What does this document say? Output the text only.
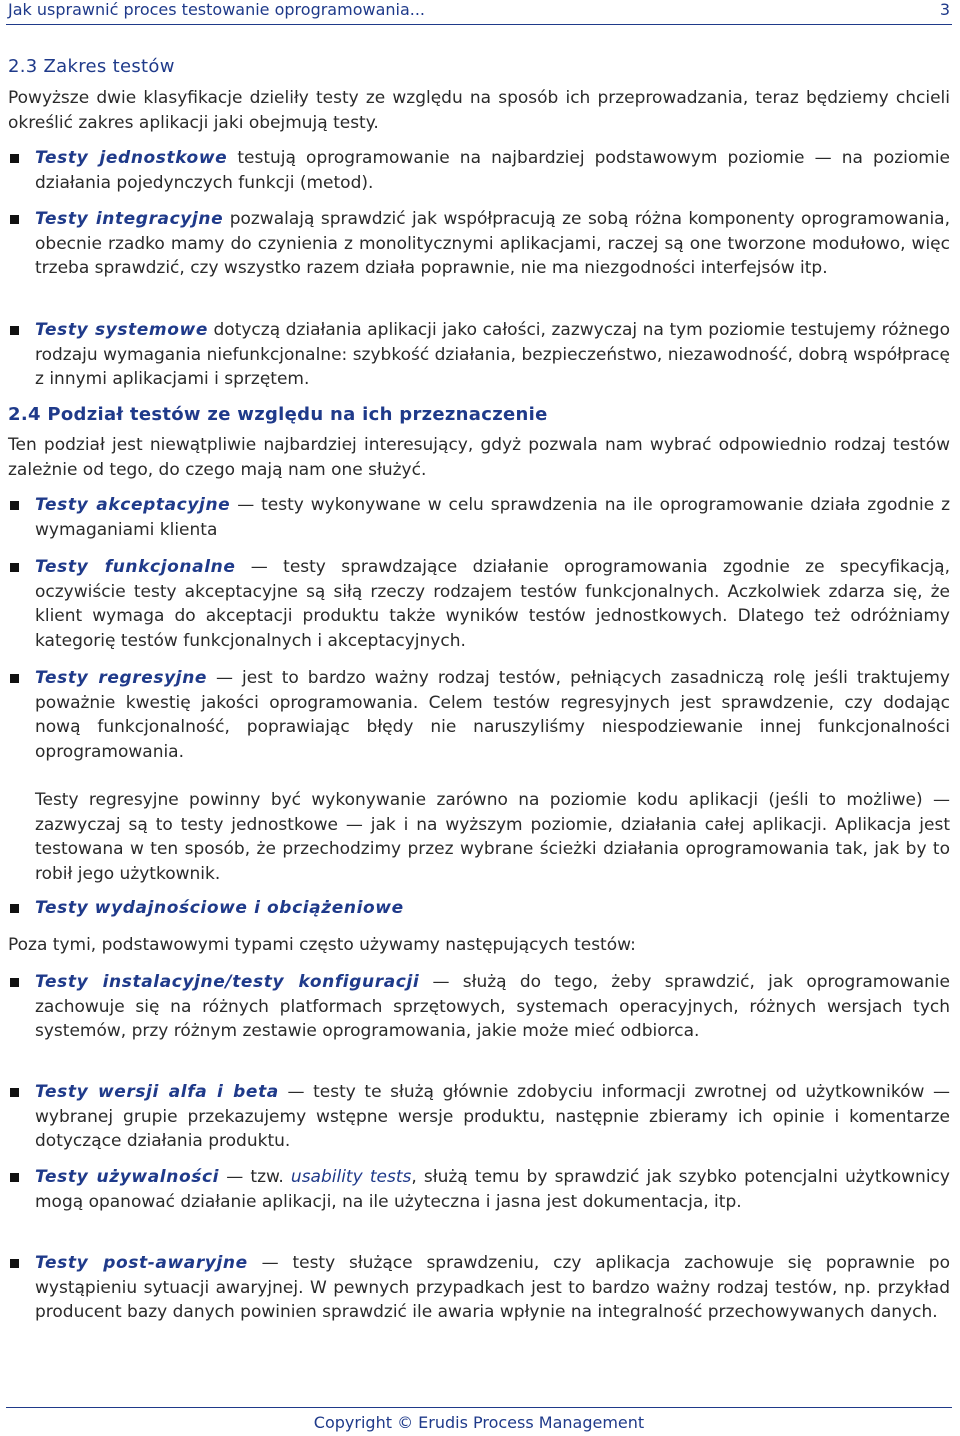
Jak usprawnić proces testowanie oprogramowania...	3
2.3 Zakres testów
Powyższe dwie klasyfikacje dzieliły testy ze względu na sposób ich przeprowadzania, teraz będziemy chcieli określić zakres aplikacji jaki obejmują testy.
Testy jednostkowe testują oprogramowanie na najbardziej podstawowym poziomie — na poziomie działania pojedynczych funkcji (metod).
Testy integracyjne pozwalają sprawdzić jak współpracują ze sobą różna komponenty oprogramowania, obecnie rzadko mamy do czynienia z monolitycznymi aplikacjami, raczej są one tworzone modułowo, więc trzeba sprawdzić, czy wszystko razem działa poprawnie, nie ma niezgodności interfejsów itp.
Testy systemowe dotyczą działania aplikacji jako całości, zazwyczaj na tym poziomie testujemy różnego rodzaju wymagania niefunkcjonalne: szybkość działania, bezpieczeństwo, niezawodność, dobrą współpracę z innymi aplikacjami i sprzętem.
2.4 Podział testów ze względu na ich przeznaczenie
Ten podział jest niewątpliwie najbardziej interesujący, gdyż pozwala nam wybrać odpowiednio rodzaj testów zależnie od tego, do czego mają nam one służyć.
Testy akceptacyjne — testy wykonywane w celu sprawdzenia na ile oprogramowanie działa zgodnie z wymaganiami klienta
Testy funkcjonalne — testy sprawdzające działanie oprogramowania zgodnie ze specyfikacją, oczywiście testy akceptacyjne są siłą rzeczy rodzajem testów funkcjonalnych. Aczkolwiek zdarza się, że klient wymaga do akceptacji produktu także wyników testów jednostkowych. Dlatego też odróżniamy kategorię testów funkcjonalnych i akceptacyjnych.
Testy regresyjne — jest to bardzo ważny rodzaj testów, pełniących zasadniczą rolę jeśli traktujemy poważnie kwestię jakości oprogramowania. Celem testów regresyjnych jest sprawdzenie, czy dodając nową funkcjonalność, poprawiając błędy nie naruszyliśmy niespodziewanie innej funkcjonalności oprogramowania.
Testy regresyjne powinny być wykonywanie zarówno na poziomie kodu aplikacji (jeśli to możliwe) — zazwyczaj są to testy jednostkowe — jak i na wyższym poziomie, działania całej aplikacji. Aplikacja jest testowana w ten sposób, że przechodzimy przez wybrane ścieżki działania oprogramowania tak, jak by to robił jego użytkownik.
Testy wydajnościowe i obciążeniowe
Poza tymi, podstawowymi typami często używamy następujących testów:
Testy instalacyjne/testy konfiguracji — służą do tego, żeby sprawdzić, jak oprogramowanie zachowuje się na różnych platformach sprzętowych, systemach operacyjnych, różnych wersjach tych systemów, przy różnym zestawie oprogramowania, jakie może mieć odbiorca.
Testy wersji alfa i beta — testy te służą głównie zdobyciu informacji zwrotnej od użytkowników — wybranej grupie przekazujemy wstępne wersje produktu, następnie zbieramy ich opinie i komentarze dotyczące działania produktu.
Testy używalności — tzw. usability tests, służą temu by sprawdzić jak szybko potencjalni użytkownicy mogą opanować działanie aplikacji, na ile użyteczna i jasna jest dokumentacja, itp.
Testy post-awaryjne — testy służące sprawdzeniu, czy aplikacja zachowuje się poprawnie po wystąpieniu sytuacji awaryjnej. W pewnych przypadkach jest to bardzo ważny rodzaj testów, np. przykład producent bazy danych powinien sprawdzić ile awaria wpłynie na integralność przechowywanych danych.
Copyright © Erudis Process Management
